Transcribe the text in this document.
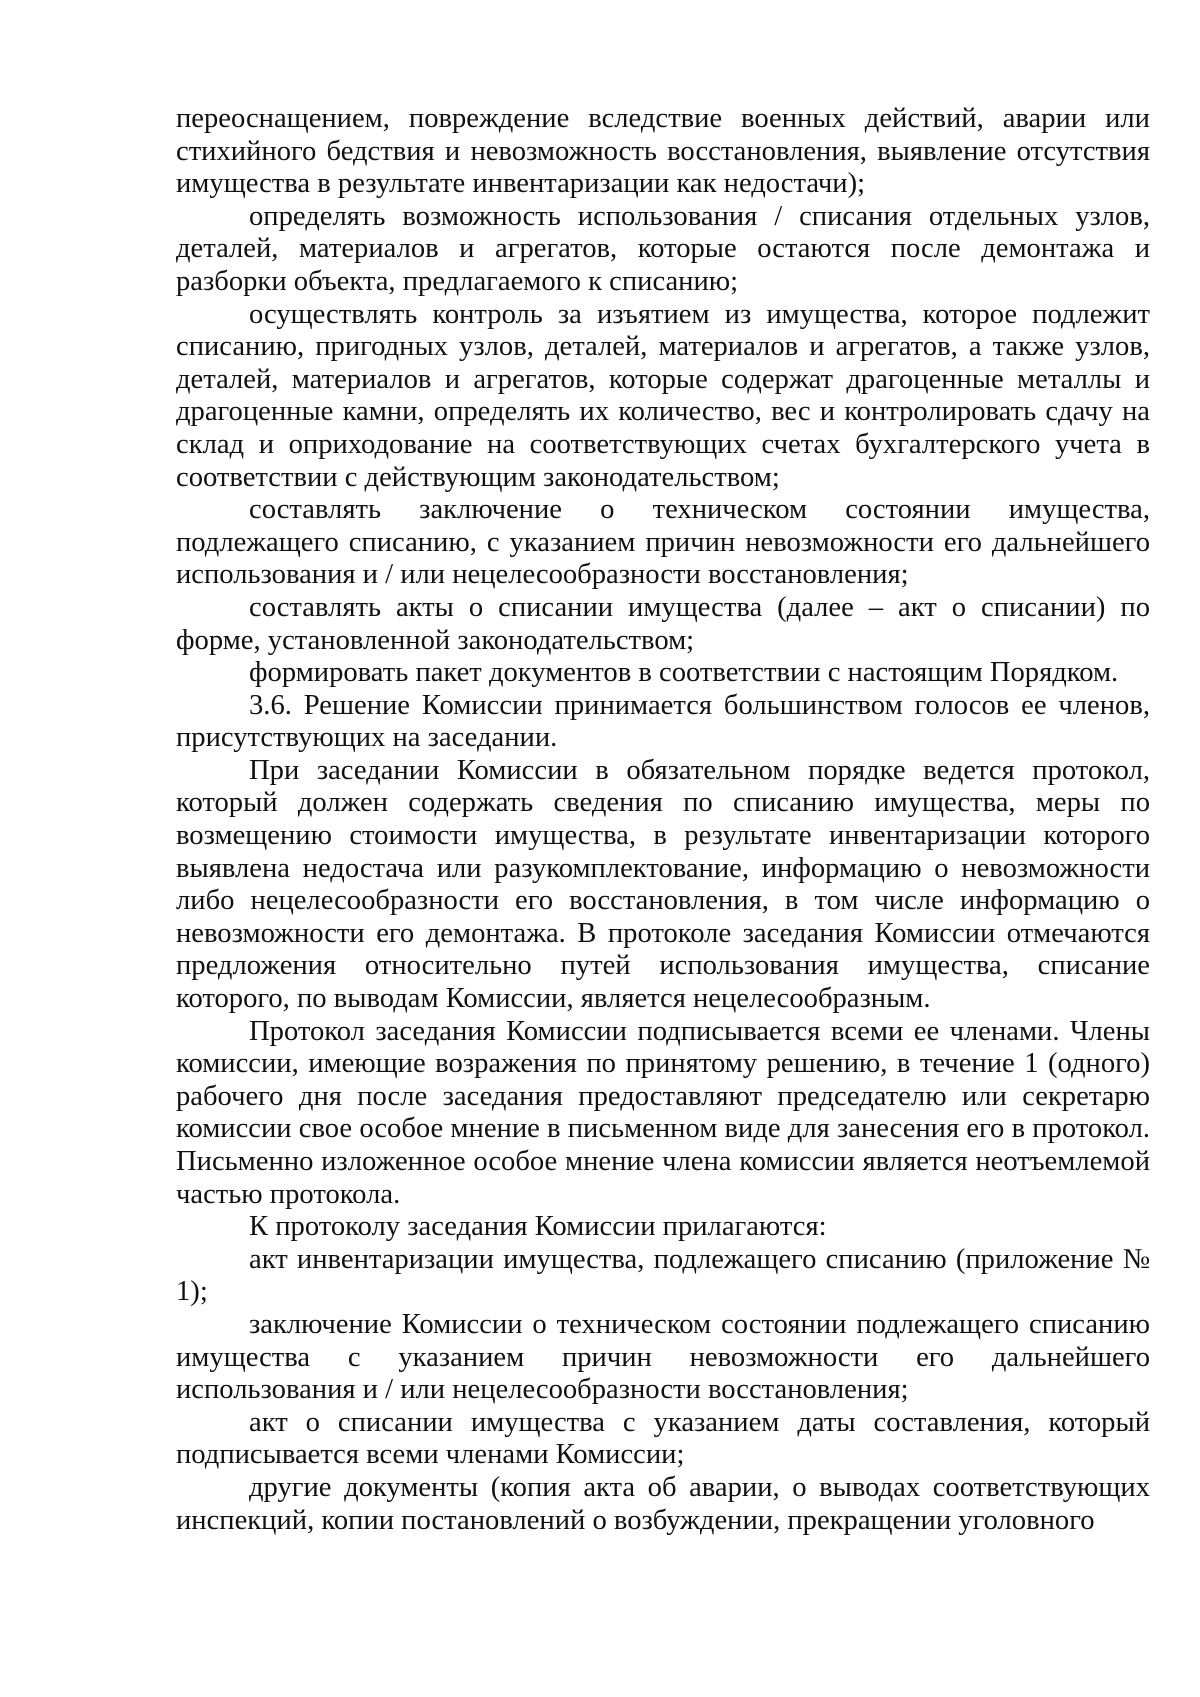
переоснащением, повреждение вследствие военных действий, аварии или стихийного бедствия и невозможность восстановления, выявление отсутствия имущества в результате инвентаризации как недостачи);

определять возможность использования / списания отдельных узлов, деталей, материалов и агрегатов, которые остаются после демонтажа и разборки объекта, предлагаемого к списанию;

осуществлять контроль за изъятием из имущества, которое подлежит списанию, пригодных узлов, деталей, материалов и агрегатов, а также узлов, деталей, материалов и агрегатов, которые содержат драгоценные металлы и драгоценные камни, определять их количество, вес и контролировать сдачу на склад и оприходование на соответствующих счетах бухгалтерского учета в соответствии с действующим законодательством;

составлять заключение о техническом состоянии имущества, подлежащего списанию, с указанием причин невозможности его дальнейшего использования и / или нецелесообразности восстановления;

составлять акты о списании имущества (далее – акт о списании) по форме, установленной законодательством;

формировать пакет документов в соответствии с настоящим Порядком.

3.6. Решение Комиссии принимается большинством голосов ее членов, присутствующих на заседании.

При заседании Комиссии в обязательном порядке ведется протокол, который должен содержать сведения по списанию имущества, меры по возмещению стоимости имущества, в результате инвентаризации которого выявлена недостача или разукомплектование, информацию о невозможности либо нецелесообразности его восстановления, в том числе информацию о невозможности его демонтажа. В протоколе заседания Комиссии отмечаются предложения относительно путей использования имущества, списание которого, по выводам Комиссии, является нецелесообразным.

Протокол заседания Комиссии подписывается всеми ее членами. Члены комиссии, имеющие возражения по принятому решению, в течение 1 (одного) рабочего дня после заседания предоставляют председателю или секретарю комиссии свое особое мнение в письменном виде для занесения его в протокол. Письменно изложенное особое мнение члена комиссии является неотъемлемой частью протокола.

К протоколу заседания Комиссии прилагаются:

акт инвентаризации имущества, подлежащего списанию (приложение № 1);

заключение Комиссии о техническом состоянии подлежащего списанию имущества с указанием причин невозможности его дальнейшего использования и / или нецелесообразности восстановления;

акт о списании имущества с указанием даты составления, который подписывается всеми членами Комиссии;

другие документы (копия акта об аварии, о выводах соответствующих инспекций, копии постановлений о возбуждении, прекращении уголовного
